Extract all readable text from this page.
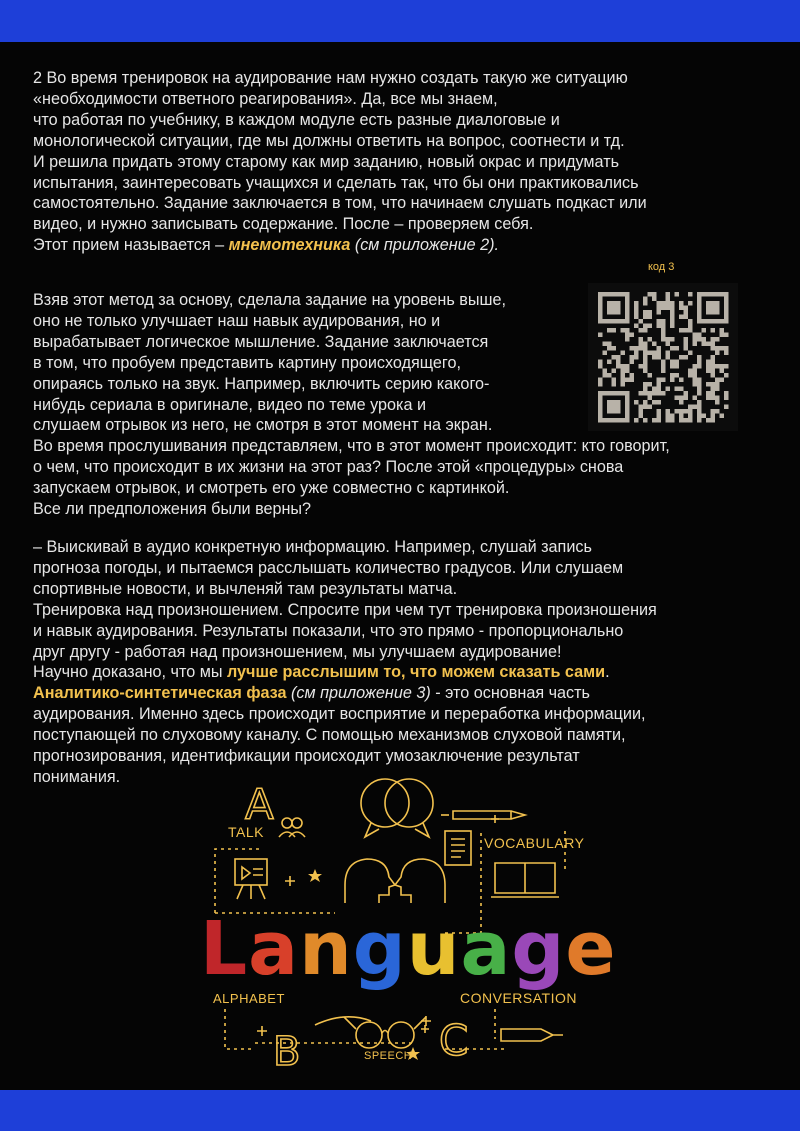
2 Во время тренировок на аудирование нам нужно создать такую же ситуацию
«необходимости ответного реагирования». Да, все мы знаем,
что работая по учебнику, в каждом модуле есть разные диалоговые и
монологической ситуации, где мы должны ответить на вопрос, соотнести и тд.
И решила придать этому старому как мир заданию, новый окрас и придумать
испытания, заинтересовать учащихся и сделать так, что бы они практиковались
самостоятельно. Задание заключается в том, что начинаем слушать подкаст или
видео, и нужно записывать содержание. После – проверяем себя.
Этот прием называется – мнемотехника (см приложение 2).
код 3
Взяв этот метод за основу, сделала задание на уровень выше,
оно не только улучшает наш навык аудирования, но и
вырабатывает логическое мышление. Задание заключается
в том, что пробуем представить картину происходящего,
опираясь только на звук. Например, включить серию какого-
нибудь сериала в оригинале, видео по теме урока и
слушаем отрывок из него, не смотря в этот момент на экран.
Во время прослушивания представляем, что в этот момент происходит: кто говорит,
о чем, что происходит в их жизни на этот раз? После этой «процедуры» снова
запускаем отрывок, и смотреть его уже совместно с картинкой.
Все ли предположения были верны?
– Выискивай в аудио конкретную информацию. Например, слушай запись
прогноза погоды, и пытаемся расслышать количество градусов. Или слушаем
спортивные новости, и вычленяй там результаты матча.
Тренировка над произношением. Спросите при чем тут тренировка произношения
и навык аудирования. Результаты показали, что это прямо - пропорционально
друг другу - работая над произношением, мы улучшаем аудирование!
Научно доказано, что мы лучше расслышим то, что можем сказать сами.
Аналитико-синтетическая фаза (см приложение 3) - это основная часть
аудирования. Именно здесь происходит восприятие и переработка информации,
поступающей по слуховому каналу. С помощью механизмов слуховой памяти,
прогнозирования, идентификации происходит умозаключение результат
понимания.
A
B	C
TALK
VOCABULARY
ALPHABET	CONVERSATION
SPEECH
Language
